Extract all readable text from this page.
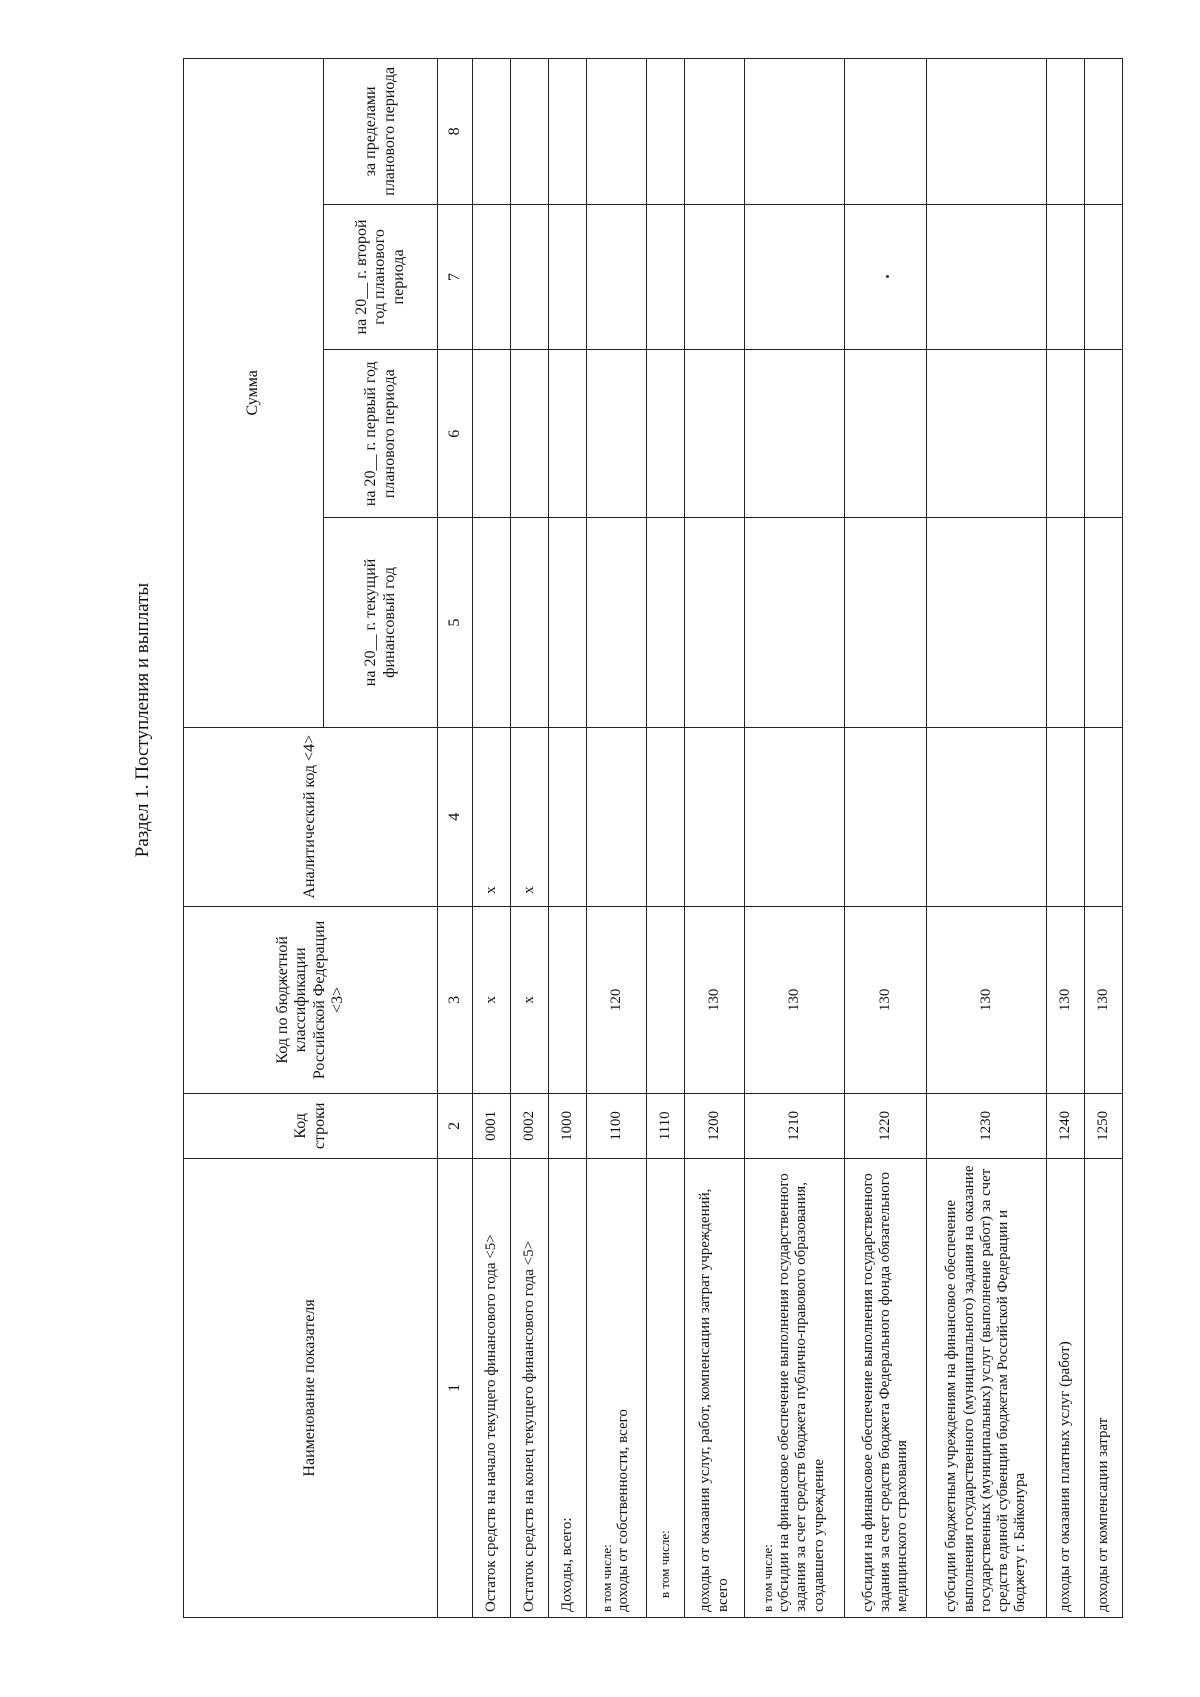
Раздел 1. Поступления и выплаты
Наименование показателя	Код строки	Код по бюджетной классификации Российской Федерации <3>	Аналитический код <4>	Сумма			
				на 20__ г. текущий финансовый год	на 20__ г. первый год планового периода	на 20__ г. второй год планового периода	за пределами планового периода
1	2	3	4	5	6	7	8
Остаток средств на начало текущего финансового года <5>	0001	x	x				
Остаток средств на конец текущего финансового года <5>	0002	x	x				
Доходы, всего:	1000						

в том числе: доходы от собственности, всего	1100	120					

в том числе:	1110						
доходы от оказания услуг, работ, компенсации затрат учреждений, всего	1200	130					

в том числе: субсидии на финансовое обеспечение выполнения государственного задания за счет средств бюджета публично-правового образования, создавшего учреждение	1210	130					
субсидии на финансовое обеспечение выполнения государственного задания за счет средств бюджета Федерального фонда обязательного медицинского страхования	1220	130					
субсидии бюджетным учреждениям на финансовое обеспечение выполнения государственного (муниципального) задания на оказание государственных (муниципальных) услуг (выполнение работ) за счет средств единой субвенции бюджетам Российской Федерации и бюджету г. Байконура	1230	130					
доходы от оказания платных услуг (работ)	1240	130					
доходы от компенсации затрат	1250	130					
